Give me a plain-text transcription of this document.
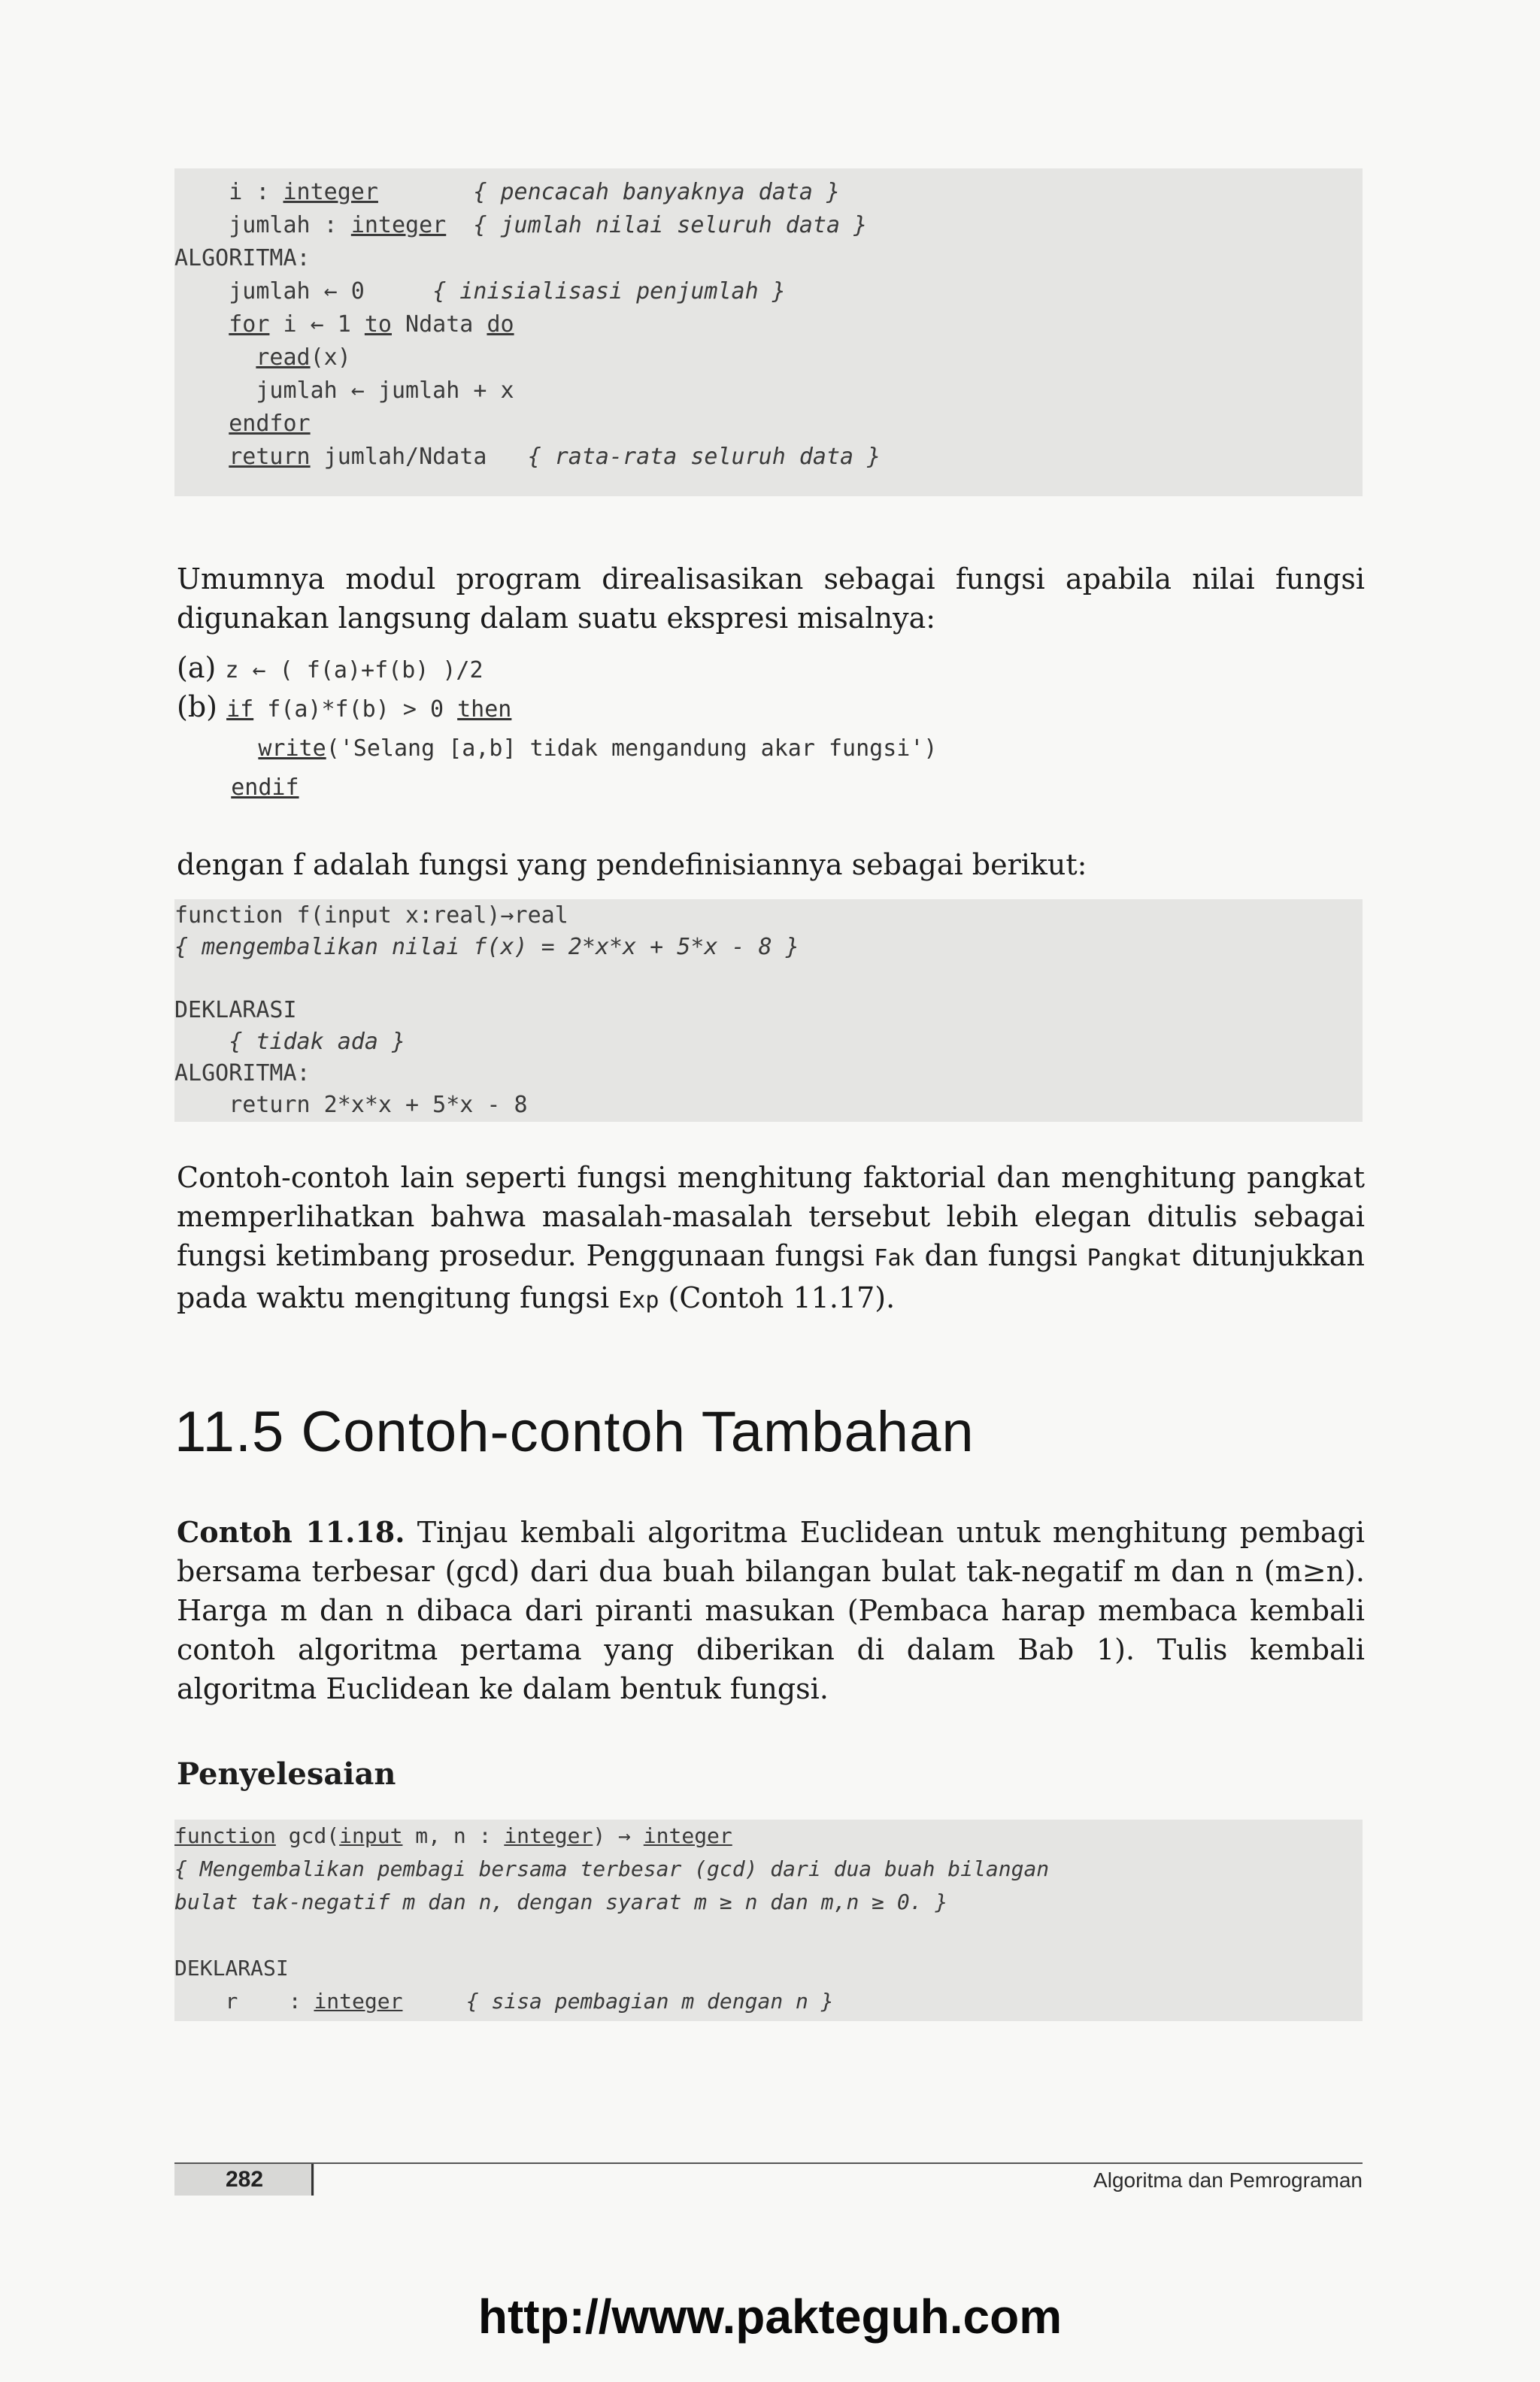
i : integer	{ pencacah banyaknya data }
jumlah : integer { jumlah nilai seluruh data }
ALGORITMA:
jumlah ← 0     { inisialisasi penjumlah }
for i ← 1 to Ndata do
read(x)
jumlah ← jumlah + x
endfor
return jumlah/Ndata   { rata-rata seluruh data }
Umumnya modul program direalisasikan sebagai fungsi apabila nilai fungsi digunakan langsung dalam suatu ekspresi misalnya:
(a) z ← ( f(a)+f(b) )/2
(b) if f(a)*f(b) > 0 then
write('Selang [a,b] tidak mengandung akar fungsi')
endif
dengan f adalah fungsi yang pendefinisiannya sebagai berikut:
function f(input x:real)→real
{ mengembalikan nilai f(x) = 2*x*x + 5*x - 8 }
DEKLARASI
{ tidak ada }
ALGORITMA:
return 2*x*x + 5*x - 8
Contoh-contoh lain seperti fungsi menghitung faktorial dan menghitung pangkat memperlihatkan bahwa masalah-masalah tersebut lebih elegan ditulis sebagai fungsi ketimbang prosedur. Penggunaan fungsi Fak dan fungsi Pangkat ditunjukkan pada waktu mengitung fungsi Exp (Contoh 11.17).
11.5 Contoh-contoh Tambahan
Contoh 11.18. Tinjau kembali algoritma Euclidean untuk menghitung pembagi bersama terbesar (gcd) dari dua buah bilangan bulat tak-negatif m dan n (m≥n). Harga m dan n dibaca dari piranti masukan (Pembaca harap membaca kembali contoh algoritma pertama yang diberikan di dalam Bab 1). Tulis kembali algoritma Euclidean ke dalam bentuk fungsi.
Penyelesaian
function gcd(input m, n : integer) → integer
{ Mengembalikan pembagi bersama terbesar (gcd) dari dua buah bilangan
bulat tak-negatif m dan n, dengan syarat m ≥ n dan m,n ≥ 0. }
DEKLARASI
r    : integer	{ sisa pembagian m dengan n }
282	Algoritma dan Pemrograman
http://www.pakteguh.com
